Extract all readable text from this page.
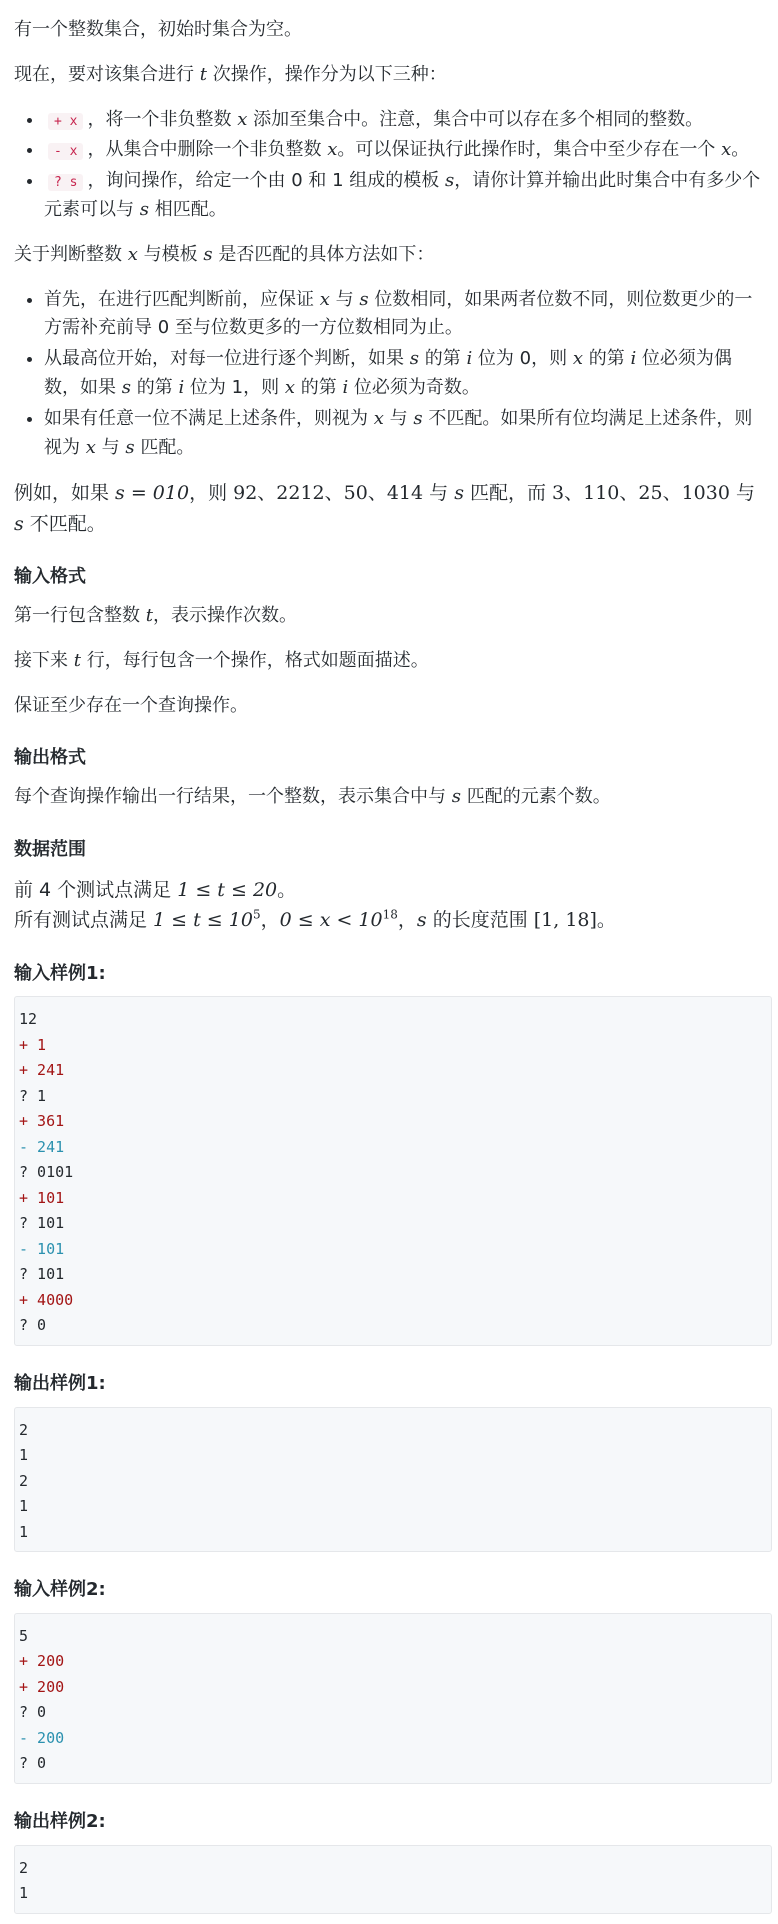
有一个整数集合，初始时集合为空。

现在，要对该集合进行 t 次操作，操作分为以下三种：

• + x ，将一个非负整数 x 添加至集合中。注意，集合中可以存在多个相同的整数。
• - x ，从集合中删除一个非负整数 x。可以保证执行此操作时，集合中至少存在一个 x。
• ? s ，询问操作，给定一个由 0 和 1 组成的模板 s，请你计算并输出此时集合中有多少个元素可以与 s 相匹配。

关于判断整数 x 与模板 s 是否匹配的具体方法如下：

• 首先，在进行匹配判断前，应保证 x 与 s 位数相同，如果两者位数不同，则位数更少的一方需补充前导 0 至与位数更多的一方位数相同为止。
• 从最高位开始，对每一位进行逐个判断，如果 s 的第 i 位为 0，则 x 的第 i 位必须为偶数，如果 s 的第 i 位为 1，则 x 的第 i 位必须为奇数。
• 如果有任意一位不满足上述条件，则视为 x 与 s 不匹配。如果所有位均满足上述条件，则视为 x 与 s 匹配。

例如，如果 s = 010，则 92、2212、50、414 与 s 匹配，而 3、110、25、1030 与 s 不匹配。

输入格式

第一行包含整数 t，表示操作次数。

接下来 t 行，每行包含一个操作，格式如题面描述。

保证至少存在一个查询操作。

输出格式

每个查询操作输出一行结果，一个整数，表示集合中与 s 匹配的元素个数。

数据范围

前 4 个测试点满足 1 ≤ t ≤ 20。
所有测试点满足 $1 \le t \le 10^5$，$0 \le x < 10^{18}$，s 的长度范围 [1, 18]。

输入样例1:
12
+ 1
+ 241
? 1
+ 361
- 241
? 0101
+ 101
? 101
- 101
? 101
+ 4000
? 0
输出样例1:
2
1
2
1
1
输入样例2:
5
+ 200
+ 200
? 0
- 200
? 0
输出样例2:
2
1
